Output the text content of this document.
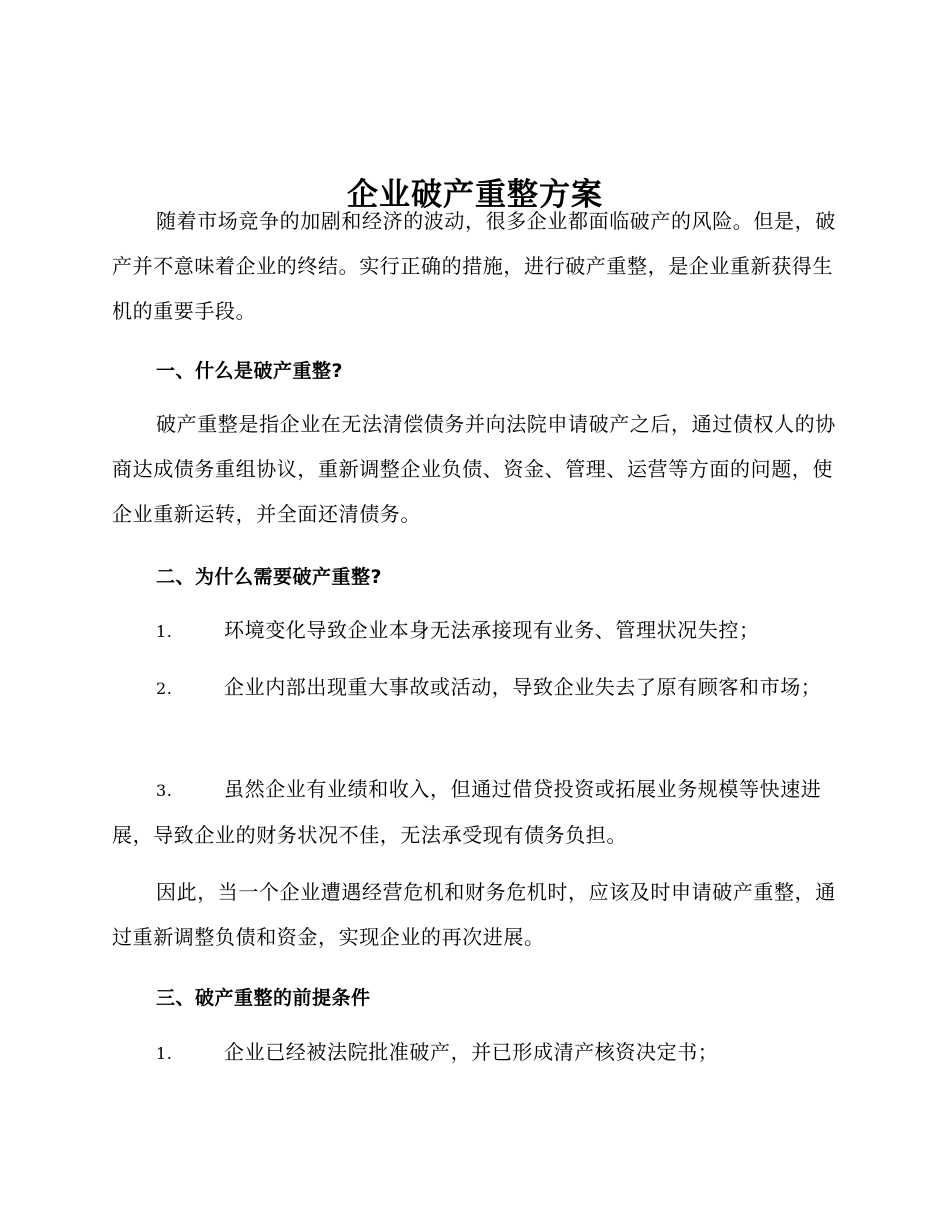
企业破产重整方案

随着市场竞争的加剧和经济的波动，很多企业都面临破产的风险。但是，破产并不意味着企业的终结。实行正确的措施，进行破产重整，是企业重新获得生机的重要手段。

一、什么是破产重整?

破产重整是指企业在无法清偿债务并向法院申请破产之后，通过债权人的协商达成债务重组协议，重新调整企业负债、资金、管理、运营等方面的问题，使企业重新运转，并全面还清债务。

二、为什么需要破产重整?

1.	环境变化导致企业本身无法承接现有业务、管理状况失控；

2.	企业内部出现重大事故或活动，导致企业失去了原有顾客和市场；

3.	虽然企业有业绩和收入，但通过借贷投资或拓展业务规模等快速进展，导致企业的财务状况不佳，无法承受现有债务负担。

因此，当一个企业遭遇经营危机和财务危机时，应该及时申请破产重整，通过重新调整负债和资金，实现企业的再次进展。

三、破产重整的前提条件

1.	企业已经被法院批准破产，并已形成清产核资决定书；
